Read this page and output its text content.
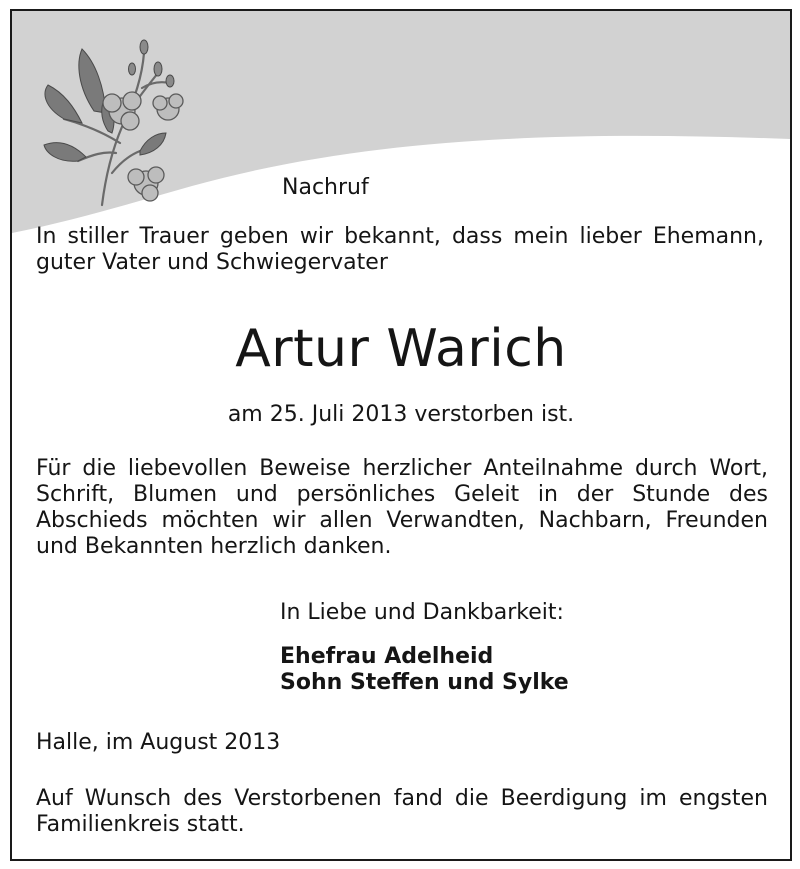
Nachruf

In stiller Trauer geben wir bekannt, dass mein lieber Ehemann, guter Vater und Schwiegervater

Artur Warich

am 25. Juli 2013 verstorben ist.

Für die liebevollen Beweise herzlicher Anteilnahme durch Wort, Schrift, Blumen und persönliches Geleit in der Stunde des Abschieds möchten wir allen Verwandten, Nachbarn, Freunden und Bekannten herzlich danken.

In Liebe und Dankbarkeit:

Ehefrau Adelheid

Sohn Steffen und Sylke

Halle, im August 2013

Auf Wunsch des Verstorbenen fand die Beerdigung im engsten Familienkreis statt.
